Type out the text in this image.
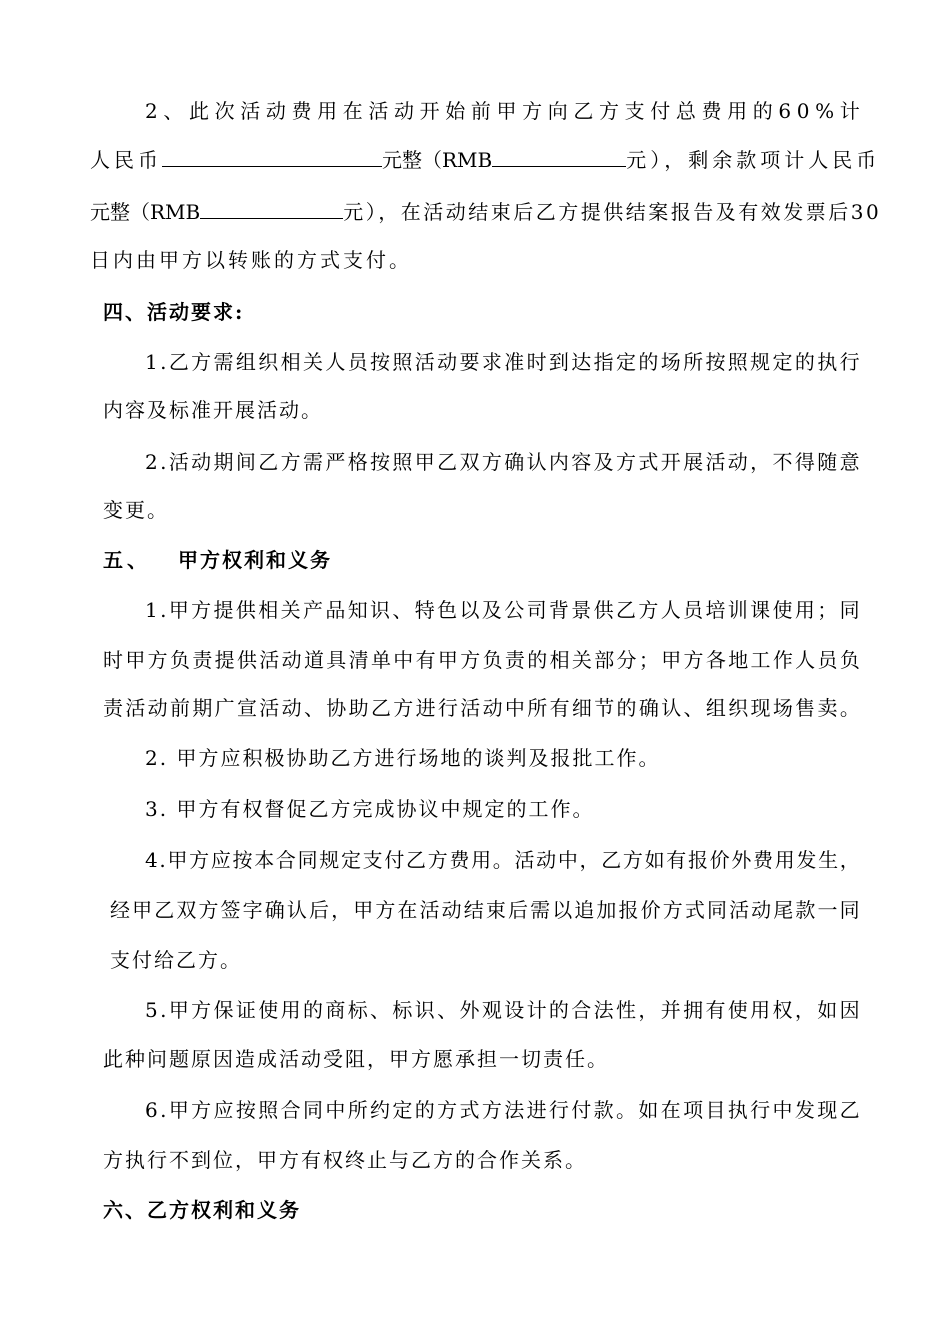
2 、 此 次 活 动 费 用 在 活 动 开 始 前 甲 方 向 乙 方 支 付 总 费 用 的 6 0 % 计
人民币	元整（RMB	元），剩余款项计人民币
元整（RMB	元），在活动结束后乙方提供结案报告及有效发票后30
日内由甲方以转账的方式支付。
四、活动要求:
1 . 乙 方 需 组 织 相 关 人 员 按 照 活 动 要 求 准 时 到 达 指 定 的 场 所 按 照 规 定 的 执 行
内容及标准开展活动。
2 . 活 动 期 间 乙 方 需 严 格 按 照 甲 乙 双 方 确 认 内 容 及 方 式 开 展 活 动 ， 不 得 随 意
变更。
五、 甲方权利和义务
1 . 甲 方 提 供 相 关 产 品 知 识 、 特 色 以 及 公 司 背 景 供 乙 方 人 员 培 训 课 使 用 ； 同
时 甲 方 负 责 提 供 活 动 道 具 清 单 中 有 甲 方 负 责 的 相 关 部 分 ； 甲 方 各 地 工 作 人 员 负
责 活 动 前 期 广 宣 活 动 、 协 助 乙 方 进 行 活 动 中 所 有 细 节 的 确 认 、 组 织 现 场 售 卖 。
2. 甲方应积极协助乙方进行场地的谈判及报批工作。
3. 甲方有权督促乙方完成协议中规定的工作。
4 . 甲 方 应 按 本 合 同 规 定 支 付 乙 方 费 用 。 活 动 中 ， 乙 方 如 有 报 价 外 费 用 发 生 ，
经 甲 乙 双 方 签 字 确 认 后 ， 甲 方 在 活 动 结 束 后 需 以 追 加 报 价 方 式 同 活 动 尾 款 一 同
支付给乙方。
5 . 甲 方 保 证 使 用 的 商 标 、 标 识 、 外 观 设 计 的 合 法 性 ， 并 拥 有 使 用 权 ， 如 因
此种问题原因造成活动受阻，甲方愿承担一切责任。
6 . 甲 方 应 按 照 合 同 中 所 约 定 的 方 式 方 法 进 行 付 款 。 如 在 项 目 执 行 中 发 现 乙
方执行不到位，甲方有权终止与乙方的合作关系。
六、乙方权利和义务
